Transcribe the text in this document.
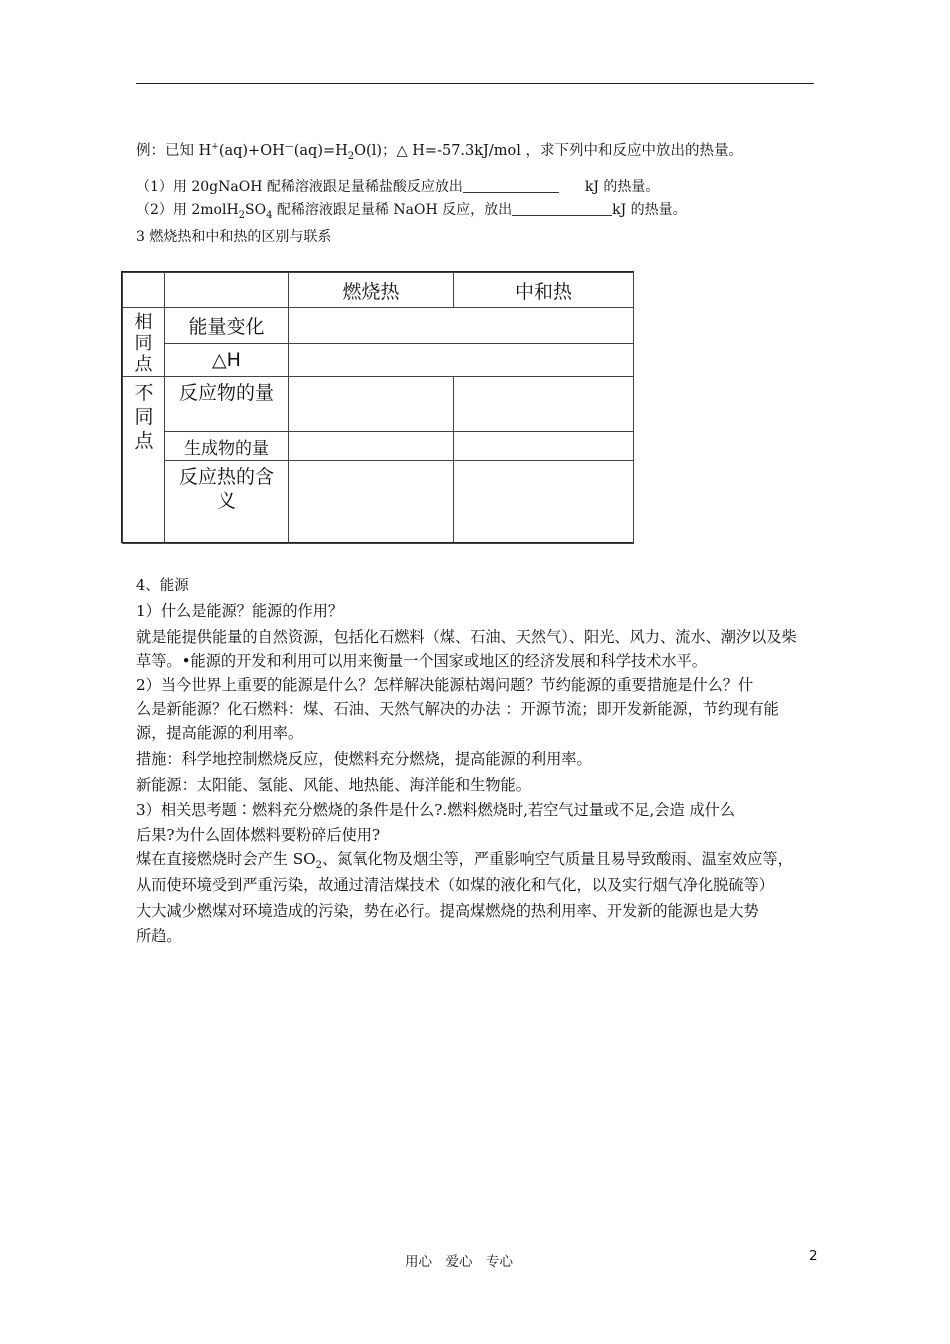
例：已知 $H^+(aq)+OH^—(aq)=H_2O(l)$；△ H=-57.3kJ/mol ，求下列中和反应中放出的热量。
（1）用 20gNaOH 配稀溶液跟足量稀盐酸反应放出	kJ 的热量。
（2）用 $2molH_2SO_4$ 配稀溶液跟足量稀 NaOH 反应，放出	kJ 的热量。
3 燃烧热和中和热的区别与联系
		燃烧热	中和热

相同点	能量变化		
	△H		

不同点	反应物的量		

	生成物的量		

	反应热的含义		

4、能源
1）什么是能源？能源的作用？
就是能提供能量的自然资源，包括化石燃料（煤、石油、天然气）、阳光、风力、流水、潮汐以及柴
草等。•能源的开发和利用可以用来衡量一个国家或地区的经济发展和科学技术水平。
2）当今世界上重要的能源是什么？怎样解决能源枯竭问题？节约能源的重要措施是什么？什
么是新能源？化石燃料：煤、石油、天然气解决的办法 ：开源节流；即开发新能源，节约现有能
源，提高能源的利用率。
措施：科学地控制燃烧反应，使燃料充分燃烧，提高能源的利用率。
新能源：太阳能、氢能、风能、地热能、海洋能和生物能。
3）相关思考题∶燃料充分燃烧的条件是什么?.燃料燃烧时,若空气过量或不足,会造 成什么
后果?为什么固体燃料要粉碎后使用?
煤在直接燃烧时会产生 $SO_2$、氮氧化物及烟尘等，严重影响空气质量且易导致酸雨、温室效应等，
从而使环境受到严重污染，故通过清洁煤技术（如煤的液化和气化，以及实行烟气净化脱硫等）
大大减少燃煤对环境造成的污染，势在必行。提高煤燃烧的热利用率、开发新的能源也是大势
所趋。
用心　爱心　专心	2
